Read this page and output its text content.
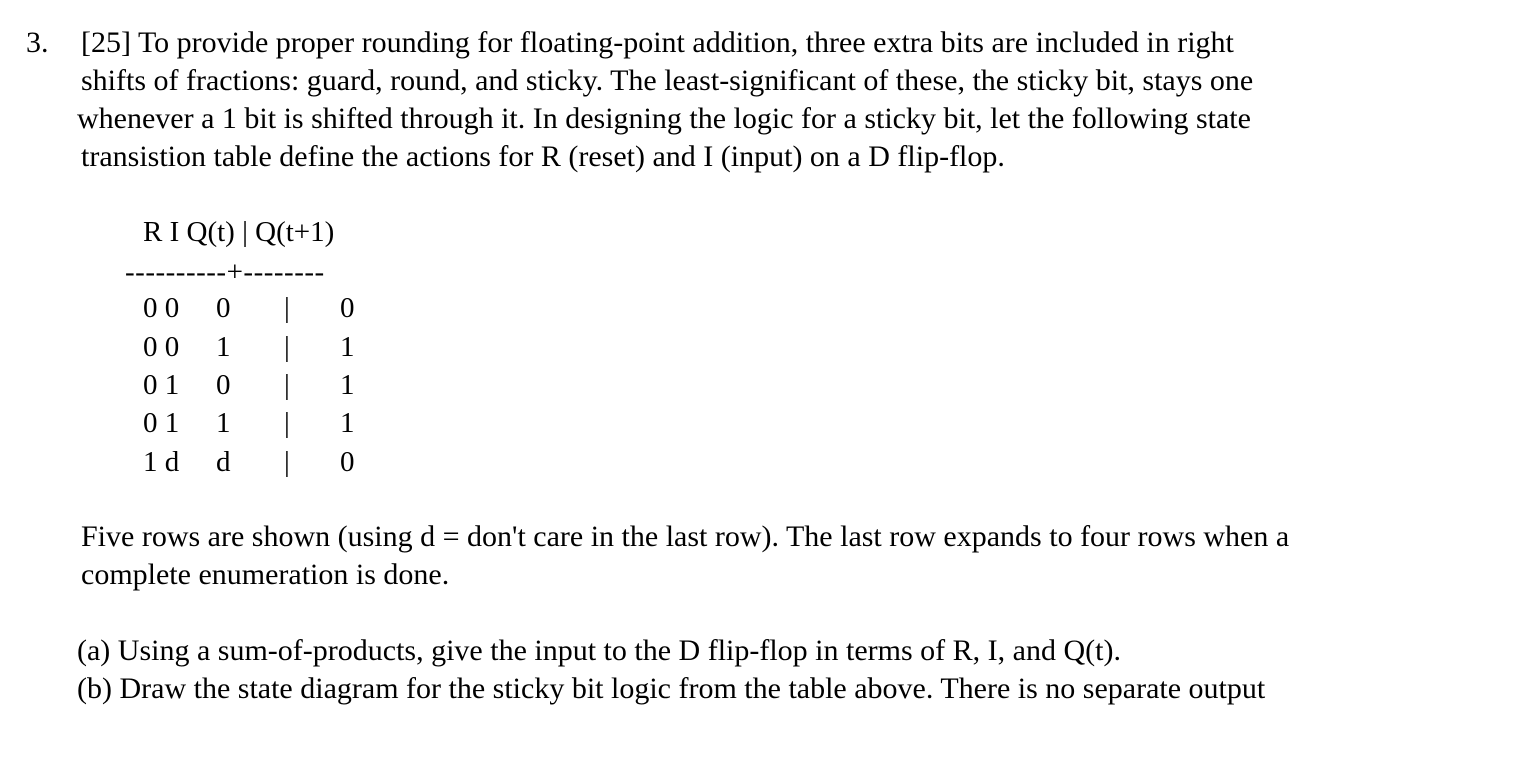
3. [25] To provide proper rounding for floating-point addition, three extra bits are included in right
shifts of fractions: guard, round, and sticky. The least-significant of these, the sticky bit, stays one
whenever a 1 bit is shifted through it. In designing the logic for a sticky bit, let the following state
transistion table define the actions for R (reset) and I (input) on a D flip-flop.
R I Q(t) | Q(t+1)
----------+--------
0 0 0 | 0
0 0 1 | 1
0 1 0 | 1
0 1 1 | 1
1 d d | 0
Five rows are shown (using d = don't care in the last row). The last row expands to four rows when a
complete enumeration is done.
(a) Using a sum-of-products, give the input to the D flip-flop in terms of R, I, and Q(t).
(b) Draw the state diagram for the sticky bit logic from the table above. There is no separate output
